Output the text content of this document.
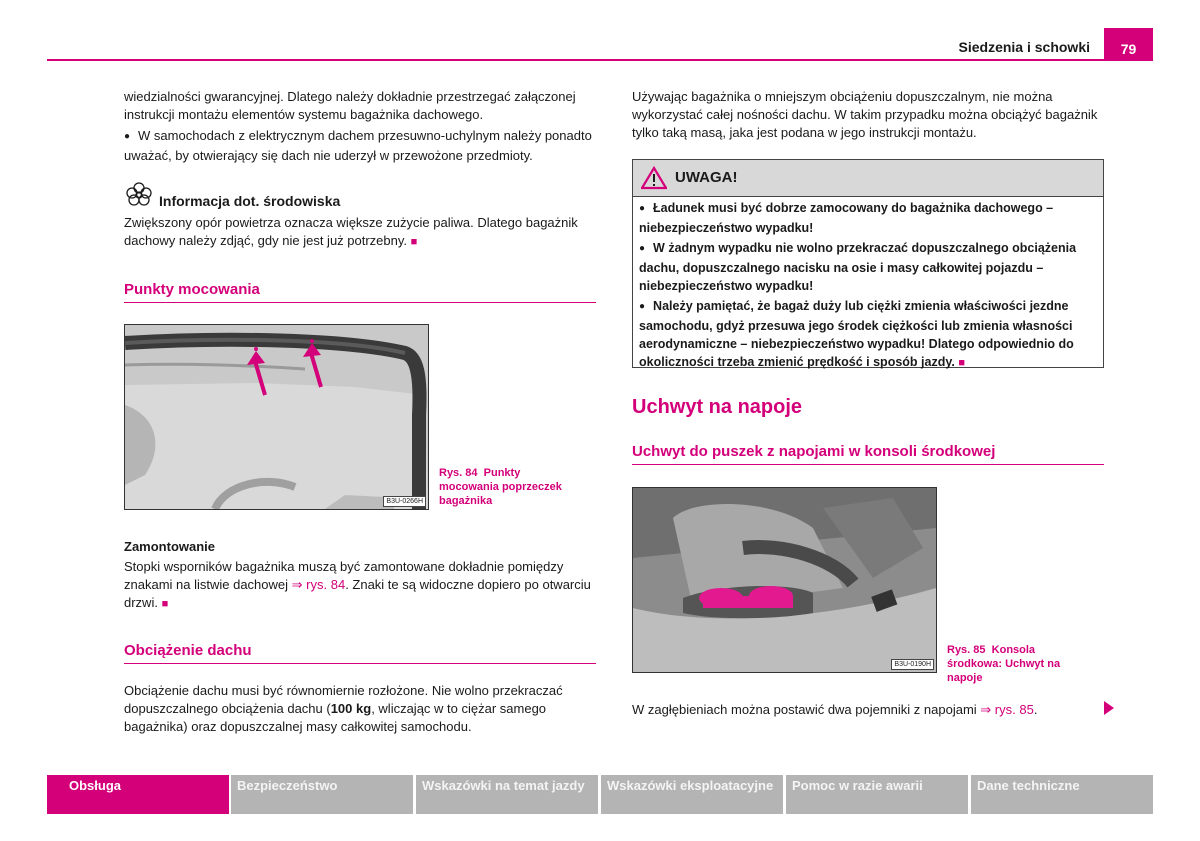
Siedzenia i schowki	79

wiedzialności gwarancyjnej. Dlatego należy dokładnie przestrzegać załączonej instrukcji montażu elementów systemu bagażnika dachowego.

● W samochodach z elektrycznym dachem przesuwno-uchylnym należy ponadto uważać, by otwierający się dach nie uderzył w przewożone przedmioty.

Informacja dot. środowiska

Zwiększony opór powietrza oznacza większe zużycie paliwa. Dlatego bagażnik dachowy należy zdjąć, gdy nie jest już potrzebny. ■

Punkty mocowania
B3U-0266H
Rys. 84 Punkty mocowania poprzeczek bagażnika
Zamontowanie

Stopki wsporników bagażnika muszą być zamontowane dokładnie pomiędzy znakami na listwie dachowej ⇒ rys. 84. Znaki te są widoczne dopiero po otwarciu drzwi. ■

Obciążenie dachu

Obciążenie dachu musi być równomiernie rozłożone. Nie wolno przekraczać dopuszczalnego obciążenia dachu (100 kg, wliczając w to ciężar samego bagażnika) oraz dopuszczalnej masy całkowitej samochodu.

Używając bagażnika o mniejszym obciążeniu dopuszczalnym, nie można wykorzystać całej nośności dachu. W takim przypadku można obciążyć bagażnik tylko taką masą, jaka jest podana w jego instrukcji montażu.

UWAGA!

● Ładunek musi być dobrze zamocowany do bagażnika dachowego – niebezpieczeństwo wypadku!

● W żadnym wypadku nie wolno przekraczać dopuszczalnego obciążenia dachu, dopuszczalnego nacisku na osie i masy całkowitej pojazdu – niebezpieczeństwo wypadku!

● Należy pamiętać, że bagaż duży lub ciężki zmienia właściwości jezdne samochodu, gdyż przesuwa jego środek ciężkości lub zmienia własności aerodynamiczne – niebezpieczeństwo wypadku! Dlatego odpowiednio do okoliczności trzeba zmienić prędkość i sposób jazdy. ■

Uchwyt na napoje
Uchwyt do puszek z napojami w konsoli środkowej
B3U-0190H
Rys. 85 Konsola środkowa: Uchwyt na napoje

W zagłębieniach można postawić dwa pojemniki z napojami ⇒ rys. 85.

Obsługa	Bezpieczeństwo	Wskazówki na temat jazdy	Wskazówki eksploatacyjne	Pomoc w razie awarii	Dane techniczne
